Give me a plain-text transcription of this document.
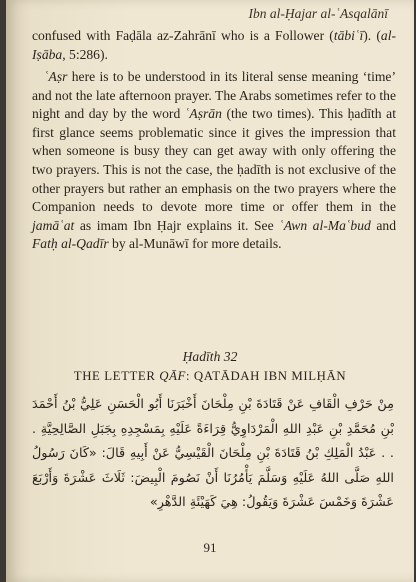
Ibn al-Ḥajar al-ʿAsqalānī

confused with Faḍāla az-Zahrānī who is a Follower (tābiʿī). (al-Iṣāba, 5:286).

ʿAṣr here is to be understood in its literal sense meaning ‘time’ and not the late afternoon prayer. The Arabs sometimes refer to the night and day by the word ʿAṣrān (the two times). This ḥadīth at first glance seems problematic since it gives the impression that when someone is busy they can get away with only offering the two prayers. This is not the case, the ḥadīth is not exclusive of the other prayers but rather an emphasis on the two prayers where the Companion needs to devote more time or offer them in the jamāʿat as imam Ibn Ḥajr explains it. See ʿAwn al-Maʿbud and Fatḥ al-Qadīr by al-Munāwī for more details.

Ḥadīth 32
THE LETTER QĀF: QATĀDAH IBN MILḤĀN

مِنْ حَرْفِ الْقَافِ عَنْ قَتَادَةَ بْنِ مِلْحَانَ أَخْبَرَنَا أَبُو الْحَسَنِ عَلِيُّ بْنُ أَحْمَدَ بْنِ مُحَمَّدِ بْنِ عَبْدِ اللهِ الْمَرْدَاوِيُّ قِرَاءَةً عَلَيْهِ بِمَسْجِدِهِ بِجَبَلِ الصَّالِحِيَّةِ . . . عَبْدُ الْمَلِكِ بْنُ قَتَادَةَ بْنِ مِلْحَانَ الْقَيْسِيُّ عَنْ أَبِيهِ قَالَ: «كَانَ رَسُولُ اللهِ صَلَّى اللهُ عَلَيْهِ وَسَلَّمَ يَأْمُرُنَا أَنْ نَصُومَ الْبِيضَ: ثَلَاثَ عَشْرَةَ وَأَرْبَعَ عَشْرَةَ وَخَمْسَ عَشْرَةَ وَيَقُولُ: هِيَ كَهَيْئَةِ الدَّهْرِ»

91
